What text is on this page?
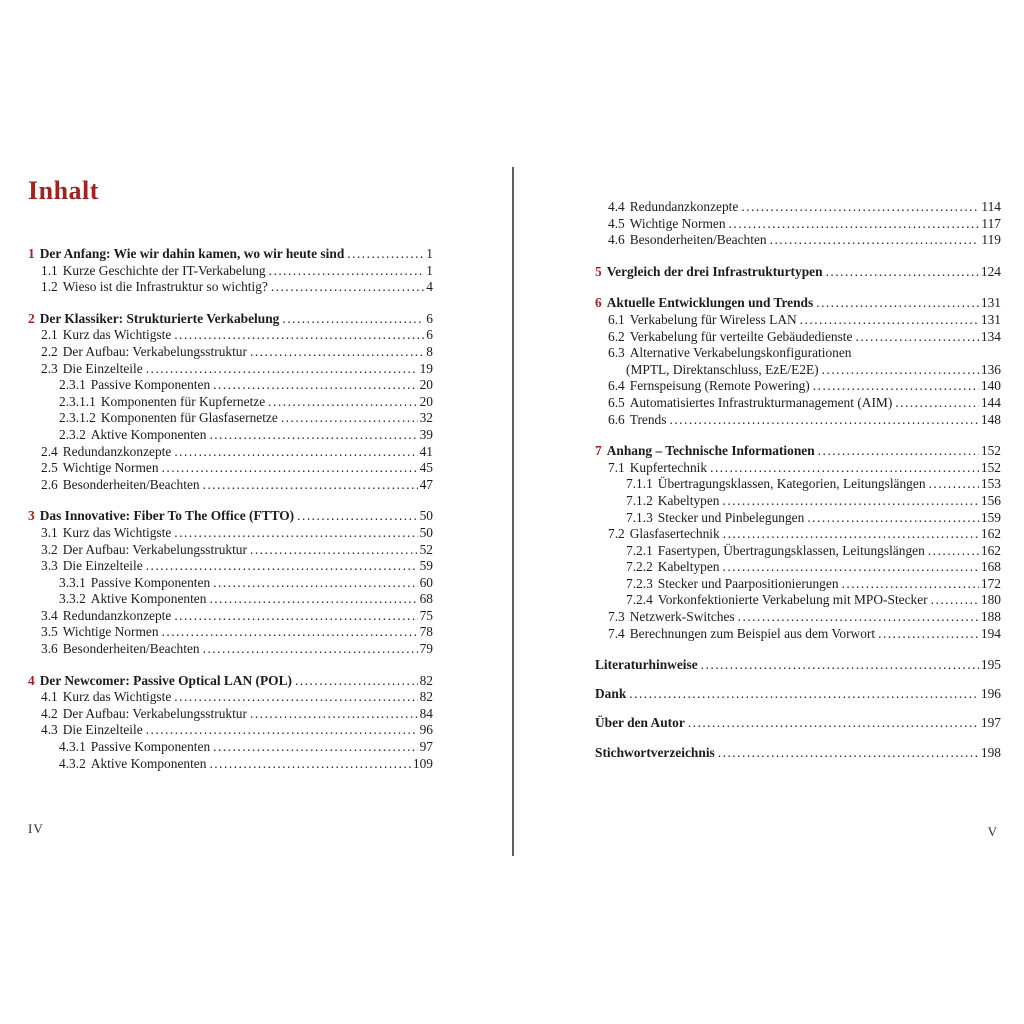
Inhalt
1 Der Anfang: Wie wir dahin kamen, wo wir heute sind .....	1
1.1 Kurze Geschichte der IT-Verkabelung .....	1
1.2 Wieso ist die Infrastruktur so wichtig? .....	4
2 Der Klassiker: Strukturierte Verkabelung .....	6
2.1 Kurz das Wichtigste .....	6
2.2 Der Aufbau: Verkabelungsstruktur .....	8
2.3 Die Einzelteile .....	19
2.3.1 Passive Komponenten .....	20
2.3.1.1 Komponenten für Kupfernetze .....	20
2.3.1.2 Komponenten für Glasfasernetze .....	32
2.3.2 Aktive Komponenten .....	39
2.4 Redundanzkonzepte .....	41
2.5 Wichtige Normen .....	45
2.6 Besonderheiten/Beachten .....	47
3 Das Innovative: Fiber To The Office (FTTO) .....	50
3.1 Kurz das Wichtigste .....	50
3.2 Der Aufbau: Verkabelungsstruktur .....	52
3.3 Die Einzelteile .....	59
3.3.1 Passive Komponenten .....	60
3.3.2 Aktive Komponenten .....	68
3.4 Redundanzkonzepte .....	75
3.5 Wichtige Normen .....	78
3.6 Besonderheiten/Beachten .....	79
4 Der Newcomer: Passive Optical LAN (POL) .....	82
4.1 Kurz das Wichtigste .....	82
4.2 Der Aufbau: Verkabelungsstruktur .....	84
4.3 Die Einzelteile .....	96
4.3.1 Passive Komponenten .....	97
4.3.2 Aktive Komponenten .....	109
4.4 Redundanzkonzepte .....	114
4.5 Wichtige Normen .....	117
4.6 Besonderheiten/Beachten .....	119
5 Vergleich der drei Infrastrukturtypen .....	124
6 Aktuelle Entwicklungen und Trends .....	131
6.1 Verkabelung für Wireless LAN .....	131
6.2 Verkabelung für verteilte Gebäudedienste .....	134
6.3 Alternative Verkabelungskonfigurationen
(MPTL, Direktanschluss, EzE/E2E) .....	136
6.4 Fernspeisung (Remote Powering) .....	140
6.5 Automatisiertes Infrastrukturmanagement (AIM) .....	144
6.6 Trends .....	148
7 Anhang – Technische Informationen .....	152
7.1 Kupfertechnik .....	152
7.1.1 Übertragungsklassen, Kategorien, Leitungslängen .....	153
7.1.2 Kabeltypen .....	156
7.1.3 Stecker und Pinbelegungen .....	159
7.2 Glasfasertechnik .....	162
7.2.1 Fasertypen, Übertragungsklassen, Leitungslängen .....	162
7.2.2 Kabeltypen .....	168
7.2.3 Stecker und Paarpositionierungen .....	172
7.2.4 Vorkonfektionierte Verkabelung mit MPO-Stecker .....	180
7.3 Netzwerk-Switches .....	188
7.4 Berechnungen zum Beispiel aus dem Vorwort .....	194
Literaturhinweise .....	195
Dank .....	196
Über den Autor .....	197
Stichwortverzeichnis .....	198
IV	V
